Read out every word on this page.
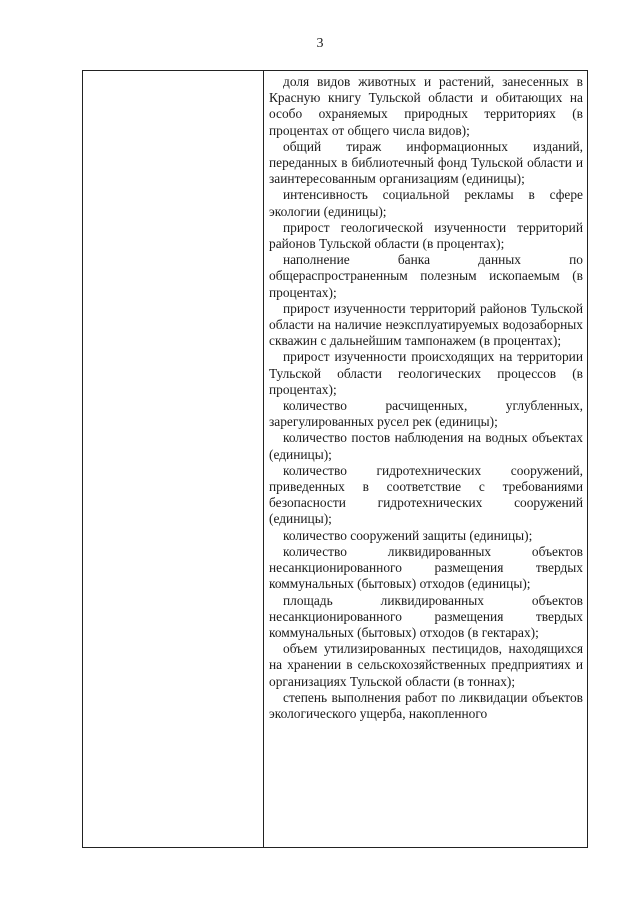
3

доля видов животных и растений, занесенных в Красную книгу Тульской области и обитающих на особо охраняемых природных территориях (в процентах от общего числа видов);

общий тираж информационных изданий, переданных в библиотечный фонд Тульской области и заинтересованным организациям (единицы);

интенсивность социальной рекламы в сфере экологии (единицы);

прирост геологической изученности территорий районов Тульской области (в процентах);

наполнение банка данных по общераспространенным полезным ископаемым (в процентах);

прирост изученности территорий районов Тульской области на наличие неэксплуатируемых водозаборных скважин с дальнейшим тампонажем (в процентах);

прирост изученности происходящих на территории Тульской области геологических процессов (в процентах);

количество расчищенных, углубленных, зарегулированных русел рек (единицы);

количество постов наблюдения на водных объектах (единицы);

количество гидротехнических сооружений, приведенных в соответствие с требованиями безопасности гидротехнических сооружений (единицы);

количество сооружений защиты (единицы);

количество ликвидированных объектов несанкционированного размещения твердых коммунальных (бытовых) отходов (единицы);

площадь ликвидированных объектов несанкционированного размещения твердых коммунальных (бытовых) отходов (в гектарах);

объем утилизированных пестицидов, находящихся на хранении в сельскохозяйственных предприятиях и организациях Тульской области (в тоннах);

степень выполнения работ по ликвидации объектов экологического ущерба, накопленного
